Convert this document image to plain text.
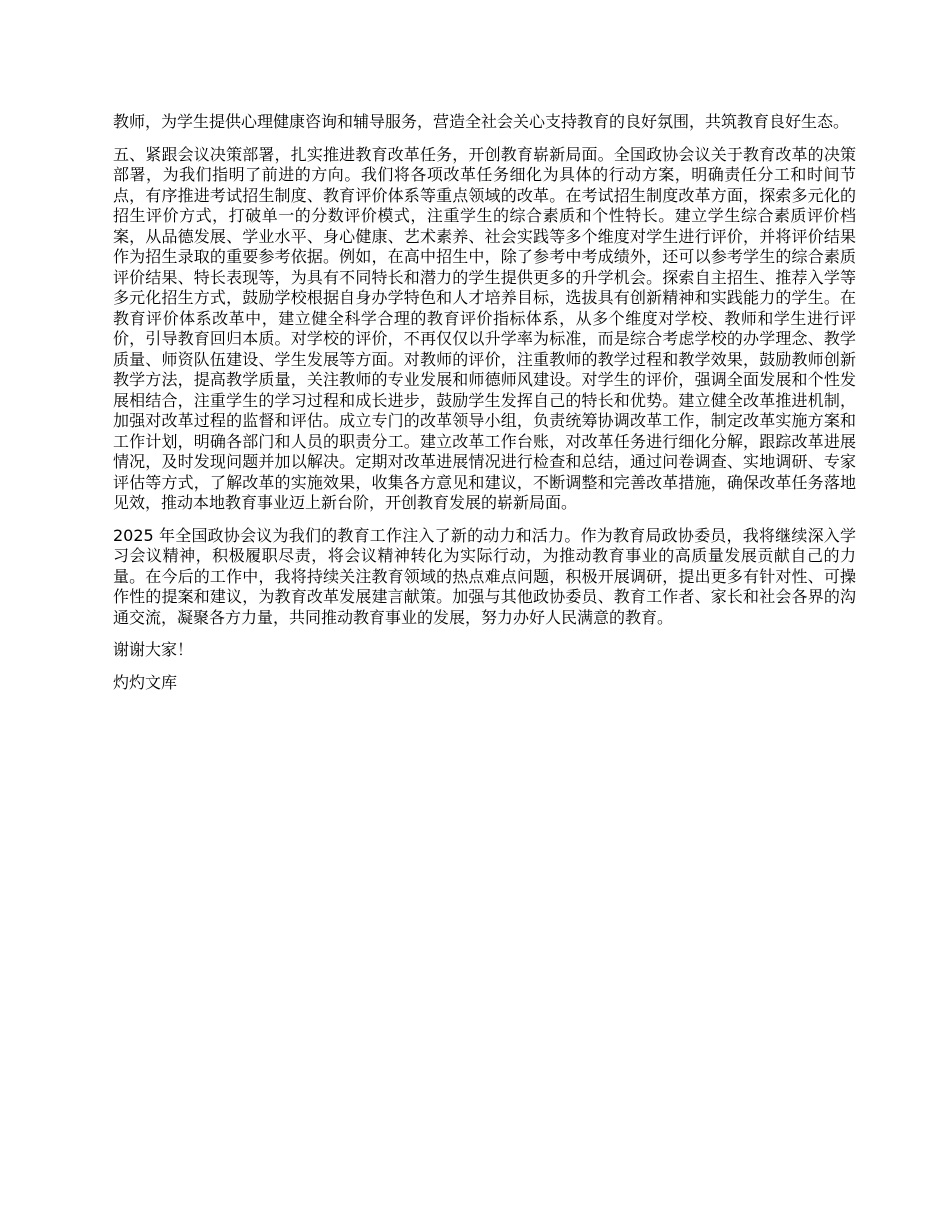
教师，为学生提供心理健康咨询和辅导服务，营造全社会关心支持教育的良好氛围，共筑教育良好生态。

五、紧跟会议决策部署，扎实推进教育改革任务，开创教育崭新局面。全国政协会议关于教育改革的决策部署，为我们指明了前进的方向。我们将各项改革任务细化为具体的行动方案，明确责任分工和时间节点，有序推进考试招生制度、教育评价体系等重点领域的改革。在考试招生制度改革方面，探索多元化的招生评价方式，打破单一的分数评价模式，注重学生的综合素质和个性特长。建立学生综合素质评价档案，从品德发展、学业水平、身心健康、艺术素养、社会实践等多个维度对学生进行评价，并将评价结果作为招生录取的重要参考依据。例如，在高中招生中，除了参考中考成绩外，还可以参考学生的综合素质评价结果、特长表现等，为具有不同特长和潜力的学生提供更多的升学机会。探索自主招生、推荐入学等多元化招生方式，鼓励学校根据自身办学特色和人才培养目标，选拔具有创新精神和实践能力的学生。在教育评价体系改革中，建立健全科学合理的教育评价指标体系，从多个维度对学校、教师和学生进行评价，引导教育回归本质。对学校的评价，不再仅仅以升学率为标准，而是综合考虑学校的办学理念、教学质量、师资队伍建设、学生发展等方面。对教师的评价，注重教师的教学过程和教学效果，鼓励教师创新教学方法，提高教学质量，关注教师的专业发展和师德师风建设。对学生的评价，强调全面发展和个性发展相结合，注重学生的学习过程和成长进步，鼓励学生发挥自己的特长和优势。建立健全改革推进机制，加强对改革过程的监督和评估。成立专门的改革领导小组，负责统筹协调改革工作，制定改革实施方案和工作计划，明确各部门和人员的职责分工。建立改革工作台账，对改革任务进行细化分解，跟踪改革进展情况，及时发现问题并加以解决。定期对改革进展情况进行检查和总结，通过问卷调查、实地调研、专家评估等方式，了解改革的实施效果，收集各方意见和建议，不断调整和完善改革措施，确保改革任务落地见效，推动本地教育事业迈上新台阶，开创教育发展的崭新局面。

2025 年全国政协会议为我们的教育工作注入了新的动力和活力。作为教育局政协委员，我将继续深入学习会议精神，积极履职尽责，将会议精神转化为实际行动，为推动教育事业的高质量发展贡献自己的力量。在今后的工作中，我将持续关注教育领域的热点难点问题，积极开展调研，提出更多有针对性、可操作性的提案和建议，为教育改革发展建言献策。加强与其他政协委员、教育工作者、家长和社会各界的沟通交流，凝聚各方力量，共同推动教育事业的发展，努力办好人民满意的教育。

谢谢大家！

灼灼文库
